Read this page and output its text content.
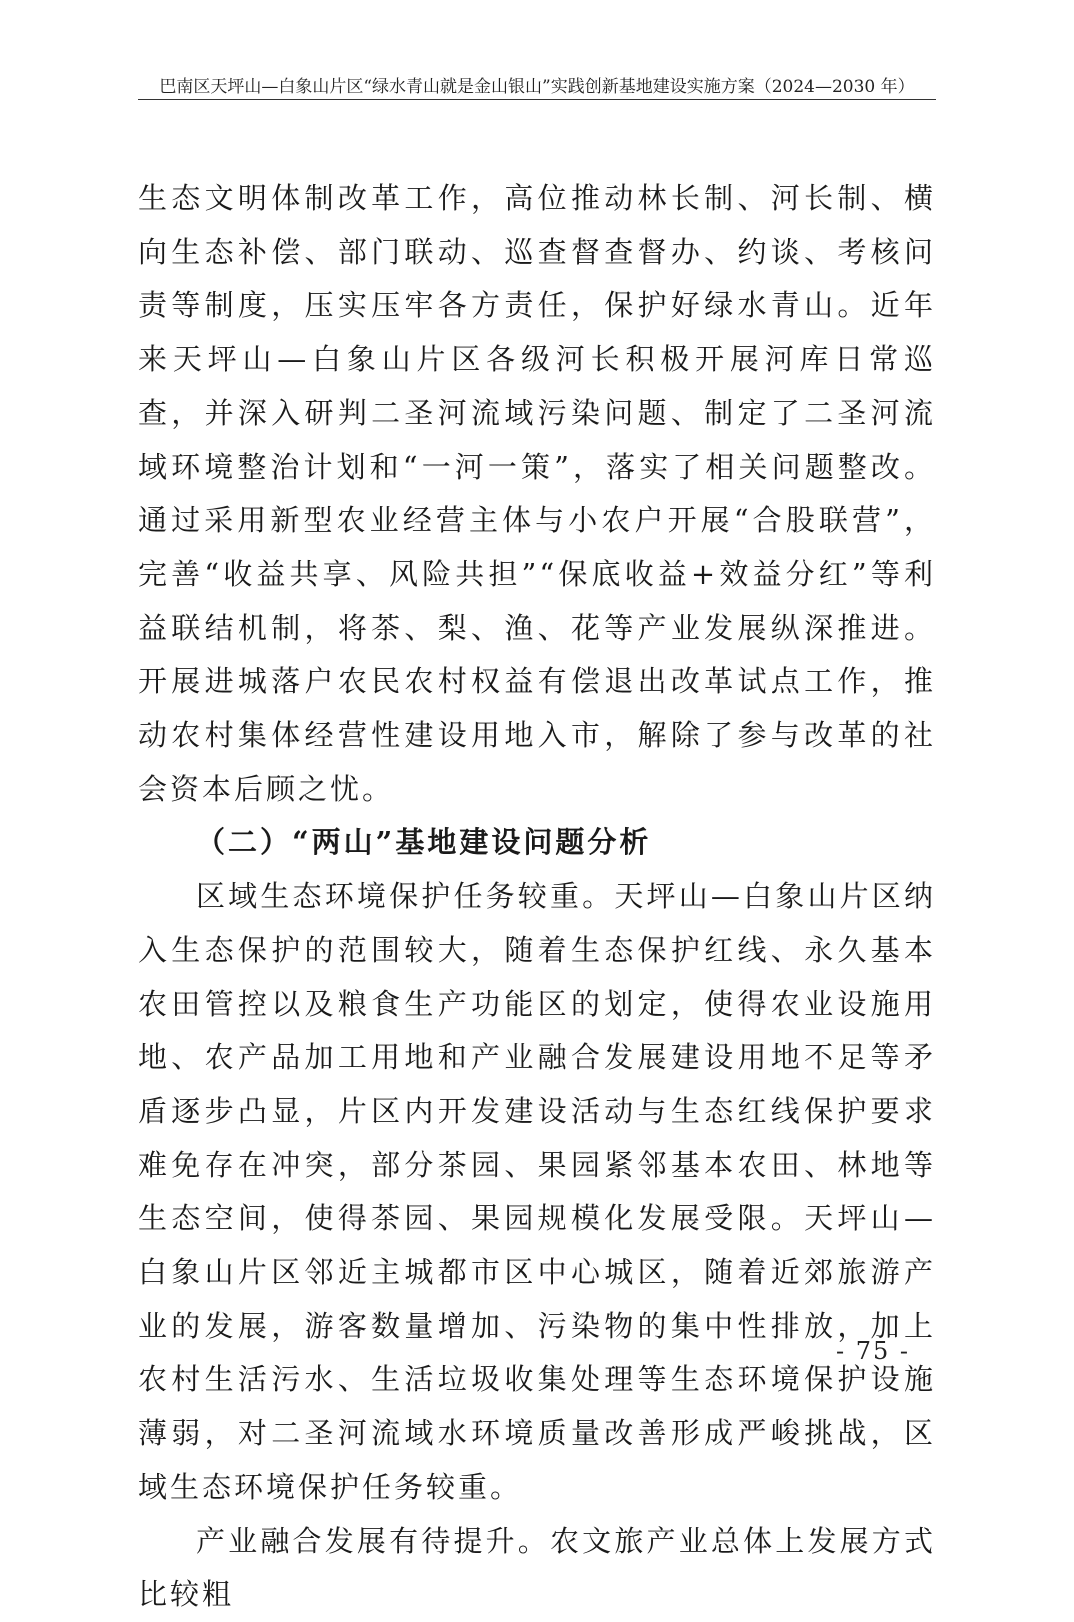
巴南区天坪山—白象山片区“绿水青山就是金山银山”实践创新基地建设实施方案（2024—2030 年）

生态文明体制改革工作，高位推动林长制、河长制、横向生态补偿、部门联动、巡查督查督办、约谈、考核问责等制度，压实压牢各方责任，保护好绿水青山。近年来天坪山—白象山片区各级河长积极开展河库日常巡查，并深入研判二圣河流域污染问题、制定了二圣河流域环境整治计划和“一河一策”，落实了相关问题整改。通过采用新型农业经营主体与小农户开展“合股联营”，完善“收益共享、风险共担”“保底收益+效益分红”等利益联结机制，将茶、梨、渔、花等产业发展纵深推进。开展进城落户农民农村权益有偿退出改革试点工作，推动农村集体经营性建设用地入市，解除了参与改革的社会资本后顾之忧。

（二）“两山”基地建设问题分析

区域生态环境保护任务较重。天坪山—白象山片区纳入生态保护的范围较大，随着生态保护红线、永久基本农田管控以及粮食生产功能区的划定，使得农业设施用地、农产品加工用地和产业融合发展建设用地不足等矛盾逐步凸显，片区内开发建设活动与生态红线保护要求难免存在冲突，部分茶园、果园紧邻基本农田、林地等生态空间，使得茶园、果园规模化发展受限。天坪山—白象山片区邻近主城都市区中心城区，随着近郊旅游产业的发展，游客数量增加、污染物的集中性排放，加上农村生活污水、生活垃圾收集处理等生态环境保护设施薄弱，对二圣河流域水环境质量改善形成严峻挑战，区域生态环境保护任务较重。

产业融合发展有待提升。农文旅产业总体上发展方式比较粗

- 75 -
